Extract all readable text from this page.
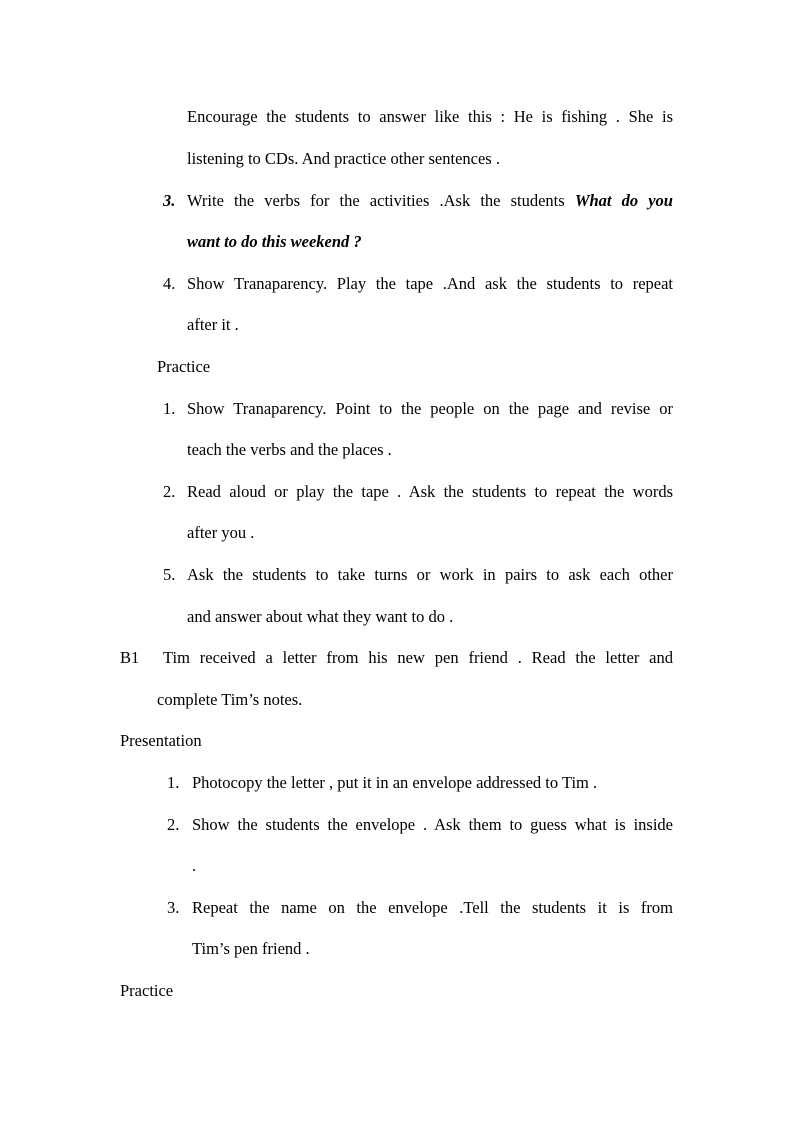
Encourage the students to answer like this : He is fishing . She is
listening to CDs. And practice other sentences .
3. Write the verbs for the activities .Ask the students What do you
want to do this weekend ?
4. Show Tranaparency. Play the tape .And ask the students to repeat
after it .
Practice
1. Show Tranaparency. Point to the people on the page and revise or
teach the verbs and the places .
2. Read aloud or play the tape . Ask the students to repeat the words
after you .
5. Ask the students to take turns or work in pairs to ask each other
and answer about what they want to do .
B1 Tim received a letter from his new pen friend . Read the letter and
complete Tim’s notes.
Presentation
1. Photocopy the letter , put it in an envelope addressed to Tim .
2. Show the students the envelope . Ask them to guess what is inside
.
3. Repeat the name on the envelope .Tell the students it is from
Tim’s pen friend .
Practice
